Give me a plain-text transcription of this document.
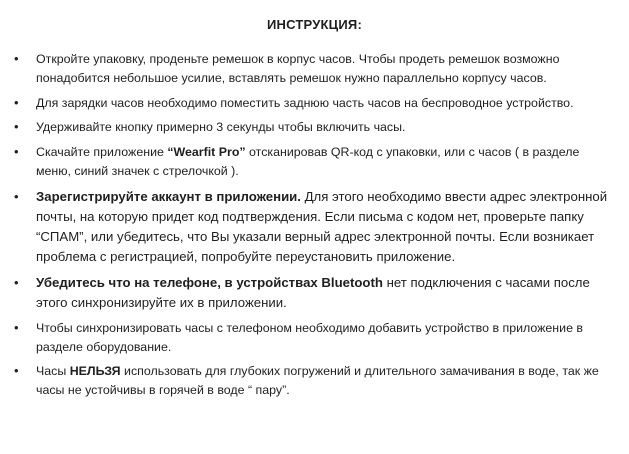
ИНСТРУКЦИЯ:
• Откройте упаковку, проденьте ремешок в корпус часов. Чтобы продеть ремешок возможно понадобится небольшое усилие, вставлять ремешок нужно параллельно корпусу часов.
• Для зарядки часов необходимо поместить заднюю часть часов на беспроводное устройство.
• Удерживайте кнопку примерно 3 секунды чтобы включить часы.
• Скачайте приложение “Wearfit Pro” отсканировав QR-код с упаковки, или с часов ( в разделе меню, синий значек с стрелочкой ).
• Зарегистрируйте аккаунт в приложении. Для этого необходимо ввести адрес электронной почты, на которую придет код подтверждения. Если письма с кодом нет, проверьте папку “СПАМ”, или убедитесь, что Вы указали верный адрес электронной почты. Если возникает проблема с регистрацией, попробуйте переустановить приложение.
• Убедитесь что на телефоне, в устройствах Bluetooth нет подключения с часами после этого синхронизируйте их в приложении.
• Чтобы синхронизировать часы с телефоном необходимо добавить устройство в приложение в разделе оборудование.
• Часы НЕЛЬЗЯ использовать для глубоких погружений и длительного замачивания в воде, так же часы не устойчивы в горячей в воде “ пару”.
